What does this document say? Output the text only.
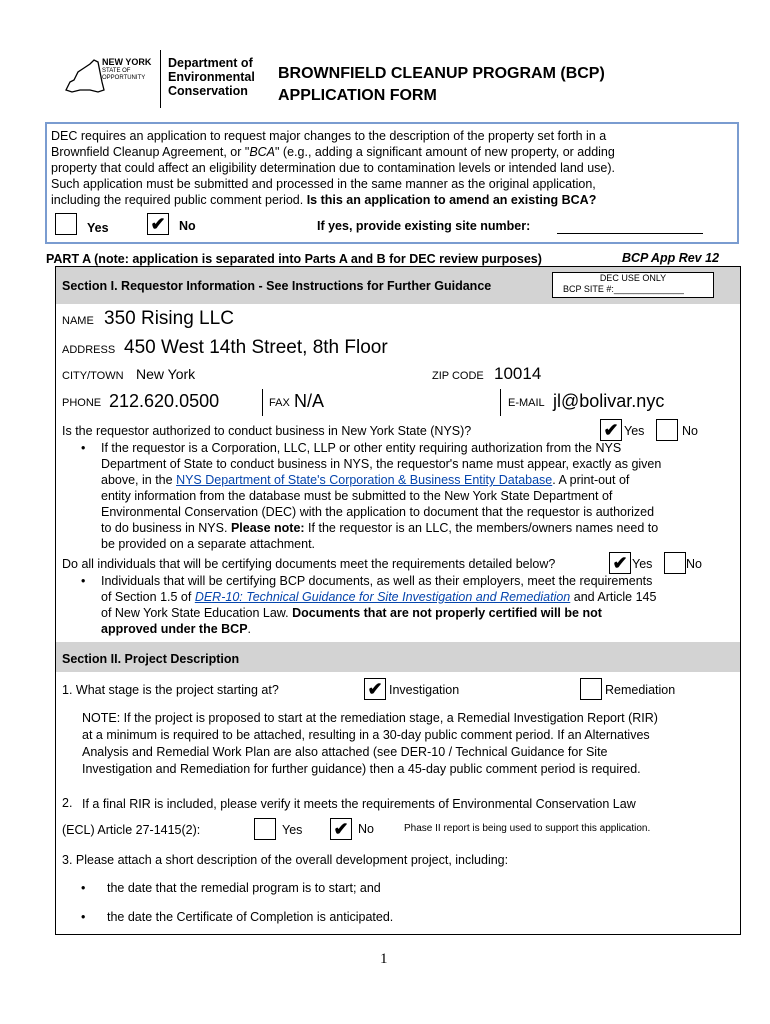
NEW YORK
STATE OF
OPPORTUNITY
Department of
Environmental
Conservation
BROWNFIELD CLEANUP PROGRAM (BCP)
APPLICATION FORM
DEC requires an application to request major changes to the description of the property set forth in a
Brownfield Cleanup Agreement, or "BCA" (e.g., adding a significant amount of new property, or adding
property that could affect an eligibility determination due to contamination levels or intended land use).
Such application must be submitted and processed in the same manner as the original application,
including the required public comment period. Is this an application to amend an existing BCA?
Yes ✔ No	If yes, provide existing site number:
PART A (note: application is separated into Parts A and B for DEC review purposes)	BCP App Rev 12
Section I. Requestor Information - See Instructions for Further Guidance
DEC USE ONLY
BCP SITE #:______________
NAME 350 Rising LLC
ADDRESS 450 West 14th Street, 8th Floor
CITY/TOWN New York	ZIP CODE 10014
PHONE 212.620.0500	FAX N/A	E-MAIL jl@bolivar.nyc
Is the requestor authorized to conduct business in New York State (NYS)?	✔ Yes	No
• If the requestor is a Corporation, LLC, LLP or other entity requiring authorization from the NYS
Department of State to conduct business in NYS, the requestor's name must appear, exactly as given
above, in the NYS Department of State's Corporation & Business Entity Database. A print-out of
entity information from the database must be submitted to the New York State Department of
Environmental Conservation (DEC) with the application to document that the requestor is authorized
to do business in NYS. Please note: If the requestor is an LLC, the members/owners names need to
be provided on a separate attachment.
Do all individuals that will be certifying documents meet the requirements detailed below?	✔ Yes	No
• Individuals that will be certifying BCP documents, as well as their employers, meet the requirements
of Section 1.5 of DER-10: Technical Guidance for Site Investigation and Remediation and Article 145
of New York State Education Law. Documents that are not properly certified will be not
approved under the BCP.
Section II. Project Description
1. What stage is the project starting at?	✔ Investigation	Remediation
NOTE: If the project is proposed to start at the remediation stage, a Remedial Investigation Report (RIR)
at a minimum is required to be attached, resulting in a 30-day public comment period. If an Alternatives
Analysis and Remedial Work Plan are also attached (see DER-10 / Technical Guidance for Site
Investigation and Remediation for further guidance) then a 45-day public comment period is required.
2. If a final RIR is included, please verify it meets the requirements of Environmental Conservation Law
(ECL) Article 27-1415(2):	Yes ✔ No	Phase II report is being used to support this application.
3. Please attach a short description of the overall development project, including:
• the date that the remedial program is to start; and
• the date the Certificate of Completion is anticipated.
1
